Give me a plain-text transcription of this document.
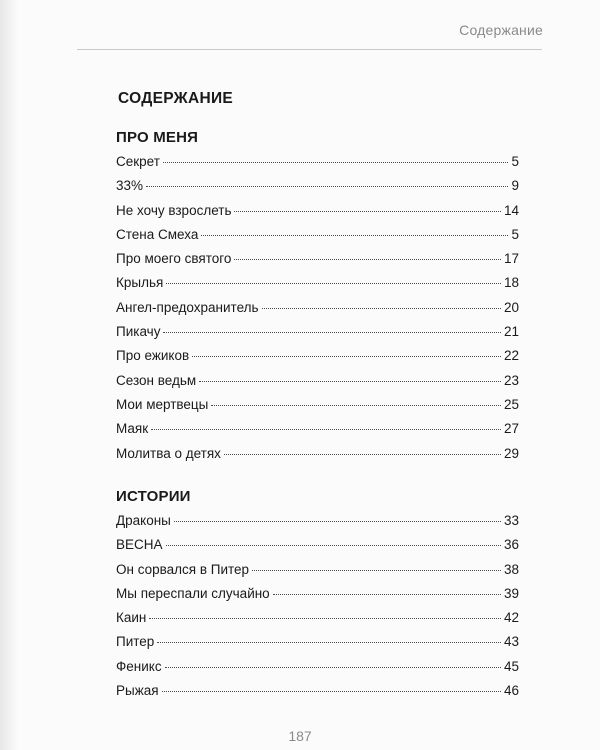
Содержание
СОДЕРЖАНИЕ
ПРО МЕНЯ
Секрет	5
33%	9
Не хочу взрослеть	14
Стена Смеха	5
Про моего святого	17
Крылья	18
Ангел-предохранитель	20
Пикачу	21
Про ежиков	22
Сезон ведьм	23
Мои мертвецы	25
Маяк	27
Молитва о детях	29
ИСТОРИИ
Драконы	33
ВЕСНА	36
Он сорвался в Питер	38
Мы переспали случайно	39
Каин	42
Питер	43
Феникс	45
Рыжая	46
187
